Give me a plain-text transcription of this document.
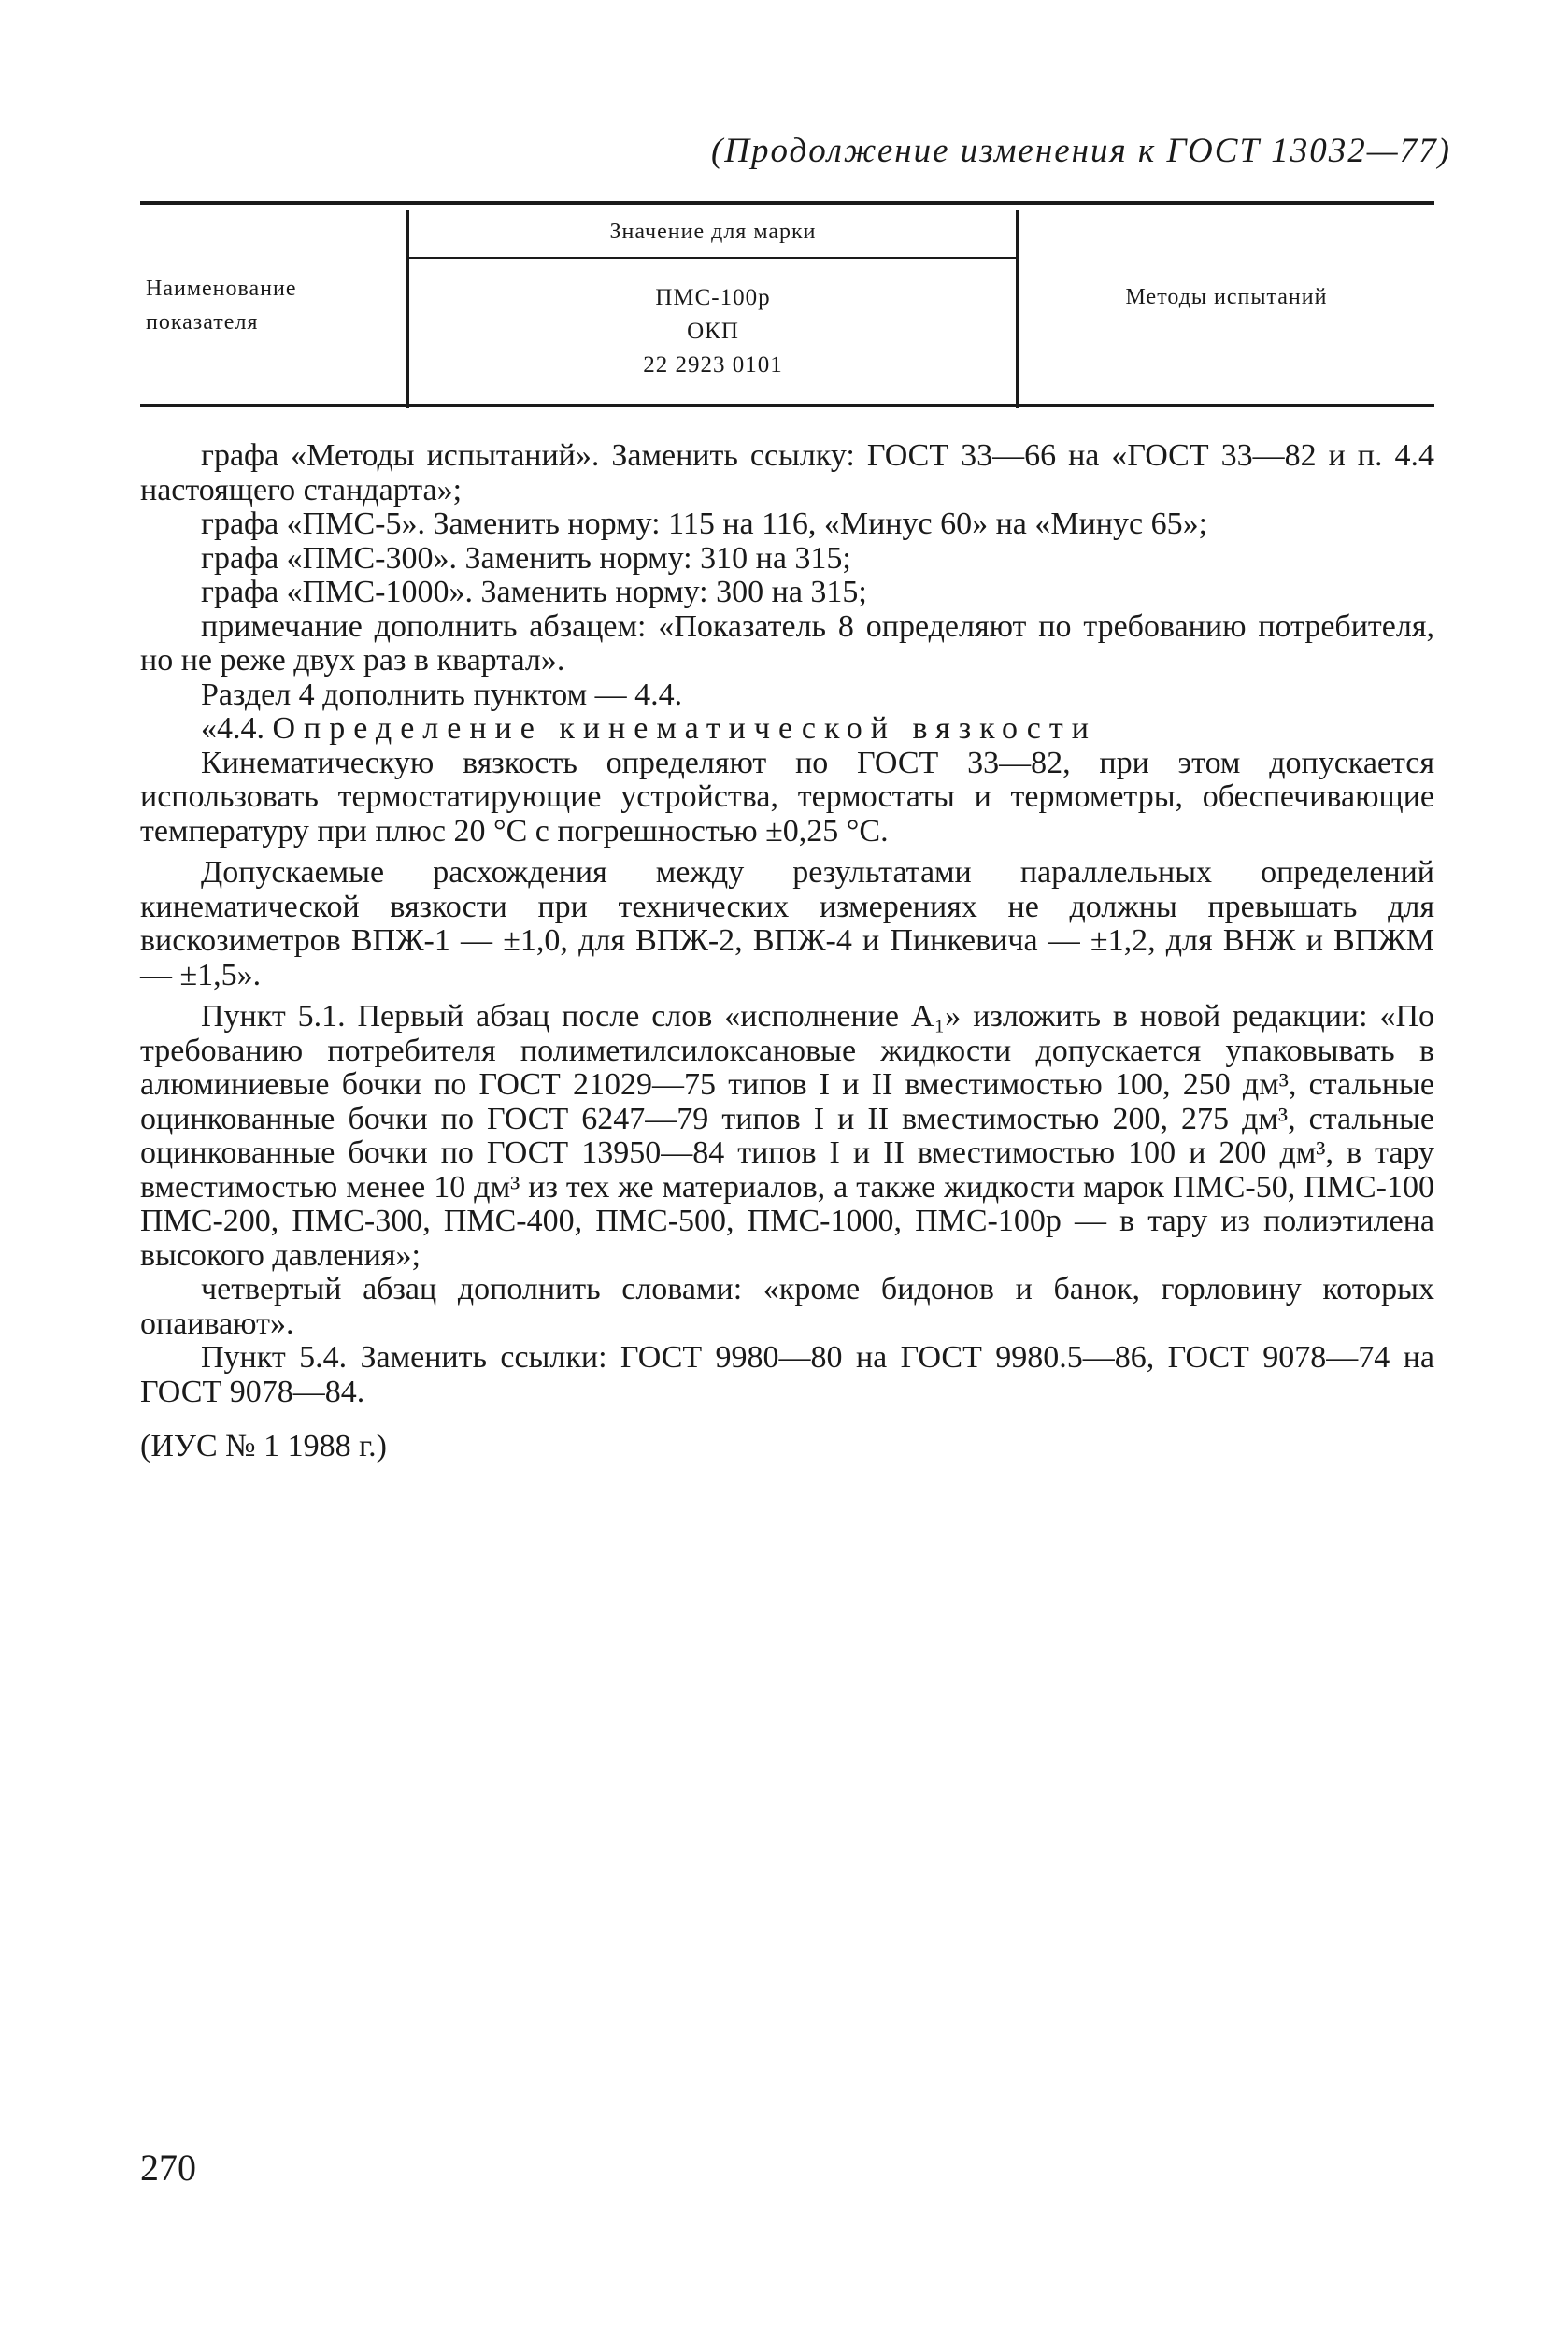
(Продолжение изменения к ГОСТ 13032—77)
Наименование
показателя
Значение для марки
ПМС-100р
ОКП
22 2923 0101
Методы испытаний

графа «Методы испытаний». Заменить ссылку: ГОСТ 33—66 на «ГОСТ 33—82 и п. 4.4 настоящего стандарта»;

графа «ПМС-5». Заменить норму: 115 на 116, «Минус 60» на «Минус 65»;

графа «ПМС-300». Заменить норму: 310 на 315;

графа «ПМС-1000». Заменить норму: 300 на 315;

примечание дополнить абзацем: «Показатель 8 определяют по требованию потребителя, но не реже двух раз в квартал».

Раздел 4 дополнить пунктом — 4.4.

«4.4. Определение кинематической вязкости

Кинематическую вязкость определяют по ГОСТ 33—82, при этом допускается использовать термостатирующие устройства, термостаты и термометры, обеспечивающие температуру при плюс 20 °С с погрешностью ±0,25 °С.

Допускаемые расхождения между результатами параллельных определений кинематической вязкости при технических измерениях не должны превышать для вискозиметров ВПЖ-1 — ±1,0, для ВПЖ-2, ВПЖ-4 и Пинкевича — ±1,2, для ВНЖ и ВПЖМ — ±1,5».

Пункт 5.1. Первый абзац после слов «исполнение А₁» изложить в новой редакции: «По требованию потребителя полиметилсилоксановые жидкости допускается упаковывать в алюминиевые бочки по ГОСТ 21029—75 типов I и II вместимостью 100, 250 дм³, стальные оцинкованные бочки по ГОСТ 6247—79 типов I и II вместимостью 200, 275 дм³, стальные оцинкованные бочки по ГОСТ 13950—84 типов I и II вместимостью 100 и 200 дм³, в тару вместимостью менее 10 дм³ из тех же материалов, а также жидкости марок ПМС-50, ПМС-100 ПМС-200, ПМС-300, ПМС-400, ПМС-500, ПМС-1000, ПМС-100р — в тару из полиэтилена высокого давления»;

четвертый абзац дополнить словами: «кроме бидонов и банок, горловину которых опаивают».

Пункт 5.4. Заменить ссылки: ГОСТ 9980—80 на ГОСТ 9980.5—86, ГОСТ 9078—74 на ГОСТ 9078—84.

(ИУС № 1 1988 г.)

270
